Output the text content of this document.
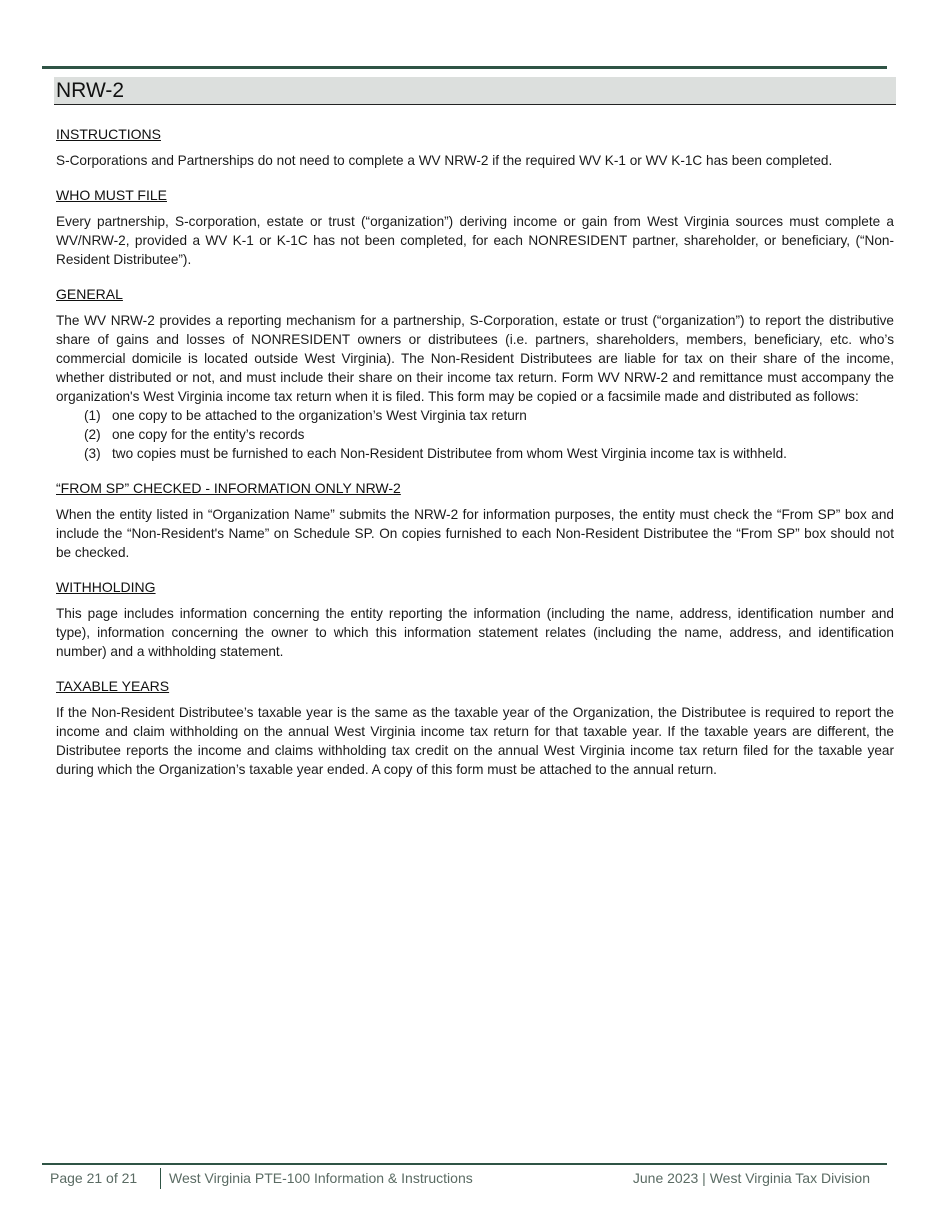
NRW-2
INSTRUCTIONS

S-Corporations and Partnerships do not need to complete a WV NRW-2 if the required WV K-1 or WV K-1C has been completed.

WHO MUST FILE

Every partnership, S-corporation, estate or trust (“organization”) deriving income or gain from West Virginia sources must complete a WV/NRW-2, provided a WV K-1 or K-1C has not been completed, for each NONRESIDENT partner, shareholder, or beneficiary, (“Non-Resident Distributee”).

GENERAL

The WV NRW-2 provides a reporting mechanism for a partnership, S-Corporation, estate or trust (“organization”) to report the distributive share of gains and losses of NONRESIDENT owners or distributees (i.e. partners, shareholders, members, beneficiary, etc. who’s commercial domicile is located outside West Virginia). The Non-Resident Distributees are liable for tax on their share of the income, whether distributed or not, and must include their share on their income tax return. Form WV NRW-2 and remittance must accompany the organization's West Virginia income tax return when it is filed. This form may be copied or a facsimile made and distributed as follows:

(1) one copy to be attached to the organization’s West Virginia tax return
(2) one copy for the entity’s records
(3) two copies must be furnished to each Non-Resident Distributee from whom West Virginia income tax is withheld.
“FROM SP” CHECKED - INFORMATION ONLY NRW-2

When the entity listed in “Organization Name” submits the NRW-2 for information purposes, the entity must check the “From SP” box and include the “Non-Resident's Name” on Schedule SP. On copies furnished to each Non-Resident Distributee the “From SP” box should not be checked.

WITHHOLDING

This page includes information concerning the entity reporting the information (including the name, address, identification number and type), information concerning the owner to which this information statement relates (including the name, address, and identification number) and a withholding statement.

TAXABLE YEARS

If the Non-Resident Distributee’s taxable year is the same as the taxable year of the Organization, the Distributee is required to report the income and claim withholding on the annual West Virginia income tax return for that taxable year. If the taxable years are different, the Distributee reports the income and claims withholding tax credit on the annual West Virginia income tax return filed for the taxable year during which the Organization’s taxable year ended. A copy of this form must be attached to the annual return.

Page 21 of 21 West Virginia PTE-100 Information & Instructions	June 2023 | West Virginia Tax Division
